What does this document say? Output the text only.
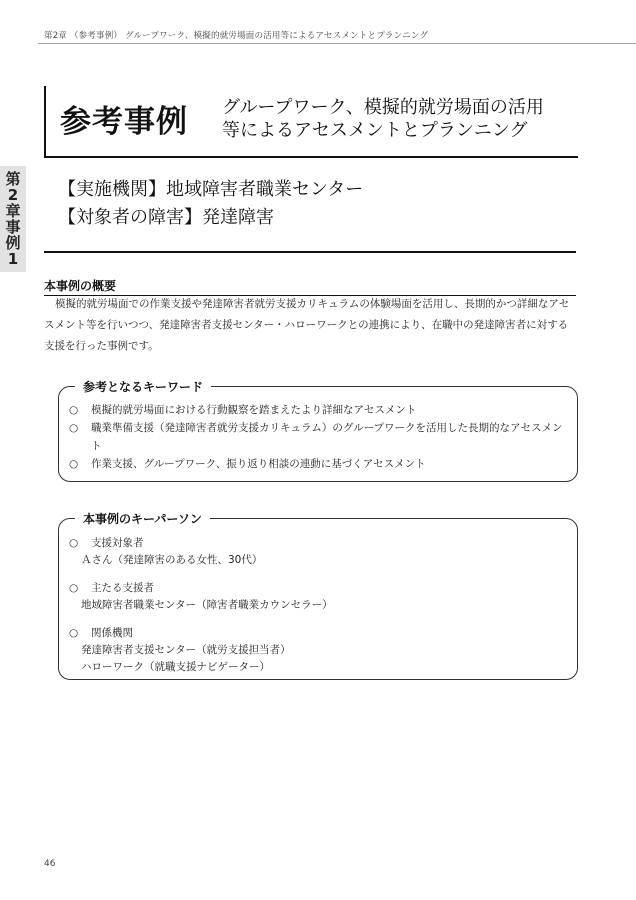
第2章 （参考事例） グループワーク、模擬的就労場面の活用等によるアセスメントとプランニング
第
2
章
事
例
1
参考事例 グループワーク、模擬的就労場面の活用
等によるアセスメントとプランニング
【実施機関】地域障害者職業センター
【対象者の障害】発達障害
本事例の概要
模擬的就労場面での作業支援や発達障害者就労支援カリキュラムの体験場面を活用し、長期的かつ詳細なアセスメント等を行いつつ、発達障害者支援センター・ハローワークとの連携により、在職中の発達障害者に対する支援を行った事例です。
参考となるキーワード
○	模擬的就労場面における行動観察を踏まえたより詳細なアセスメント
○	職業準備支援（発達障害者就労支援カリキュラム）のグループワークを活用した長期的なアセスメント
○	作業支援、グループワーク、振り返り相談の連動に基づくアセスメント
本事例のキーパーソン
○	支援対象者
Ａさん（発達障害のある女性、30代）
○	主たる支援者
地域障害者職業センター（障害者職業カウンセラー）
○	関係機関
発達障害者支援センター（就労支援担当者）
ハローワーク（就職支援ナビゲーター）
46
